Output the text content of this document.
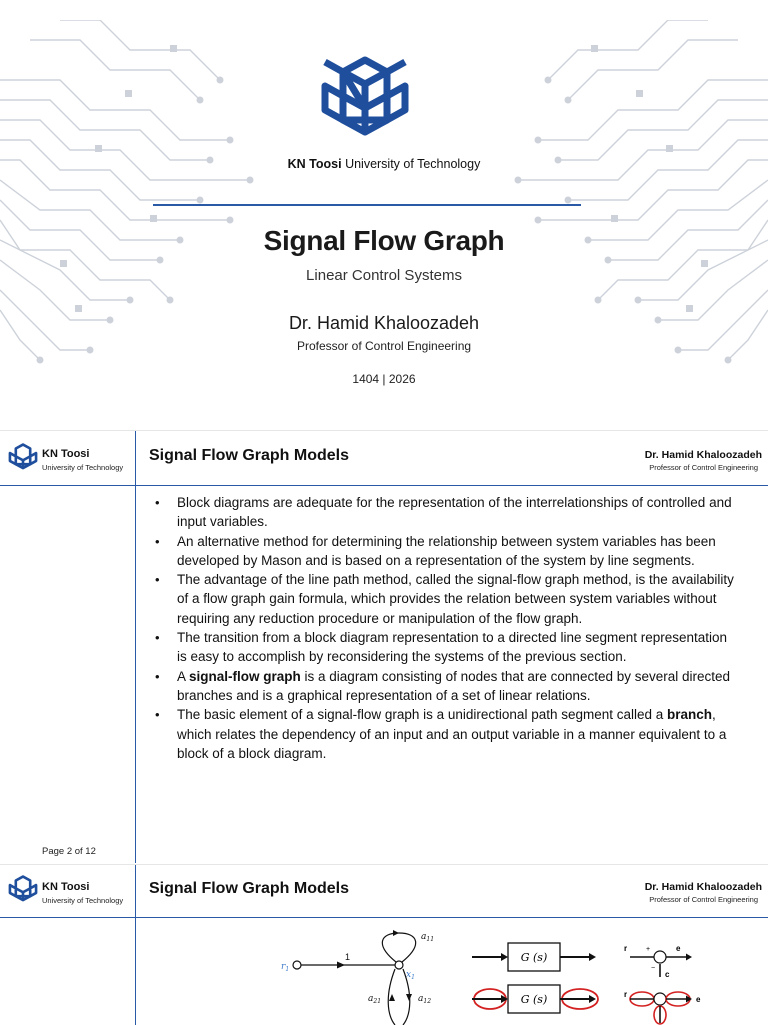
KN Toosi University of Technology
Signal Flow Graph
Linear Control Systems
Dr. Hamid Khaloozadeh
Professor of Control Engineering
1404 | 2026
KN Toosi
University of Technology
Signal Flow Graph Models	Dr. Hamid Khaloozadeh
Professor of Control Engineering
• Block diagrams are adequate for the representation of the interrelationships of controlled and input variables.
• An alternative method for determining the relationship between system variables has been developed by Mason and is based on a representation of the system by line segments.
• The advantage of the line path method, called the signal-flow graph method, is the availability of a flow graph gain formula, which provides the relation between system variables without requiring any reduction procedure or manipulation of the flow graph.
• The transition from a block diagram representation to a directed line segment representation is easy to accomplish by reconsidering the systems of the previous section.
• A signal-flow graph is a diagram consisting of nodes that are connected by several directed branches and is a graphical representation of a set of linear relations.
• The basic element of a signal-flow graph is a unidirectional path segment called a branch, which relates the dependency of an input and an output variable in a manner equivalent to a block of a block diagram.
Page 2 of 12
KN Toosi
University of Technology
Signal Flow Graph Models	Dr. Hamid Khaloozadeh
Professor of Control Engineering
$r_1$
1
$x_1$
$a_{11}$
$a_{21}$	$a_{12}$
G (s)
G (s)
r	+
−
e
c
r
e
